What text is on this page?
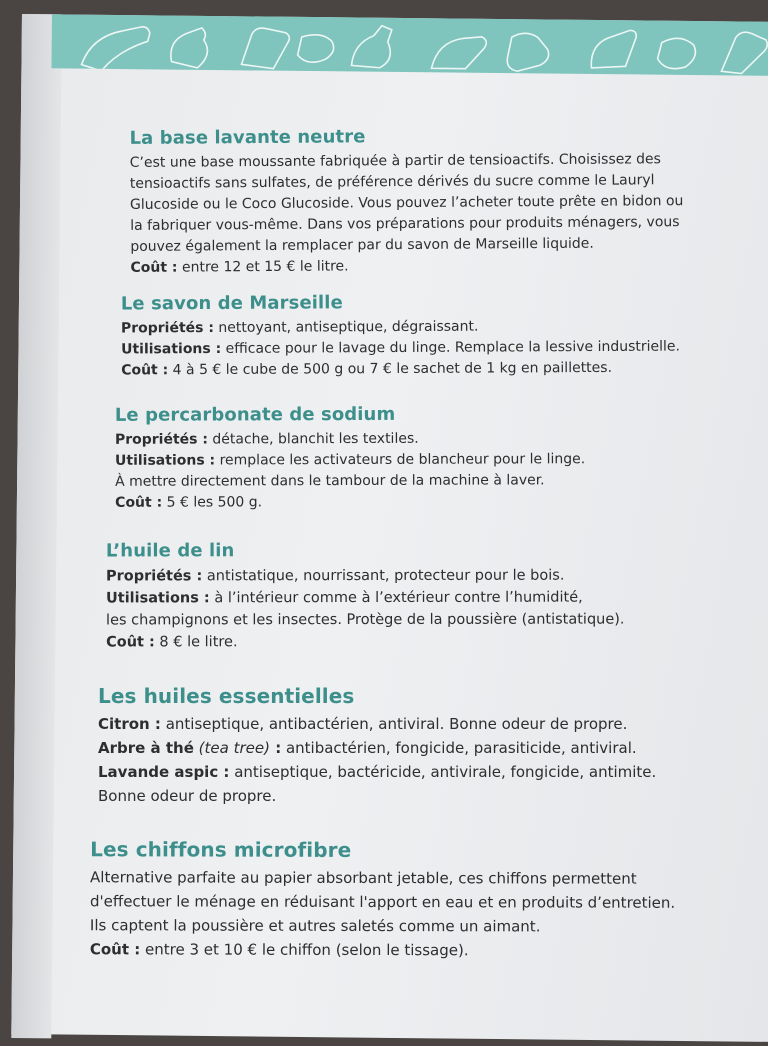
La base lavante neutre
C’est une base moussante fabriquée à partir de tensioactifs. Choisissez des
tensioactifs sans sulfates, de préférence dérivés du sucre comme le Lauryl
Glucoside ou le Coco Glucoside. Vous pouvez l’acheter toute prête en bidon ou
la fabriquer vous-même. Dans vos préparations pour produits ménagers, vous
pouvez également la remplacer par du savon de Marseille liquide.
Coût : entre 12 et 15 € le litre.
Le savon de Marseille
Propriétés : nettoyant, antiseptique, dégraissant.
Utilisations : efficace pour le lavage du linge. Remplace la lessive industrielle.
Coût : 4 à 5 € le cube de 500 g ou 7 € le sachet de 1 kg en paillettes.
Le percarbonate de sodium
Propriétés : détache, blanchit les textiles.
Utilisations : remplace les activateurs de blancheur pour le linge.
À mettre directement dans le tambour de la machine à laver.
Coût : 5 € les 500 g.
L’huile de lin
Propriétés : antistatique, nourrissant, protecteur pour le bois.
Utilisations : à l’intérieur comme à l’extérieur contre l’humidité,
les champignons et les insectes. Protège de la poussière (antistatique).
Coût : 8 € le litre.
Les huiles essentielles
Citron : antiseptique, antibactérien, antiviral. Bonne odeur de propre.
Arbre à thé (tea tree) : antibactérien, fongicide, parasiticide, antiviral.
Lavande aspic : antiseptique, bactéricide, antivirale, fongicide, antimite.
Bonne odeur de propre.
Les chiffons microfibre
Alternative parfaite au papier absorbant jetable, ces chiffons permettent
d'effectuer le ménage en réduisant l'apport en eau et en produits d’entretien.
Ils captent la poussière et autres saletés comme un aimant.
Coût : entre 3 et 10 € le chiffon (selon le tissage).
